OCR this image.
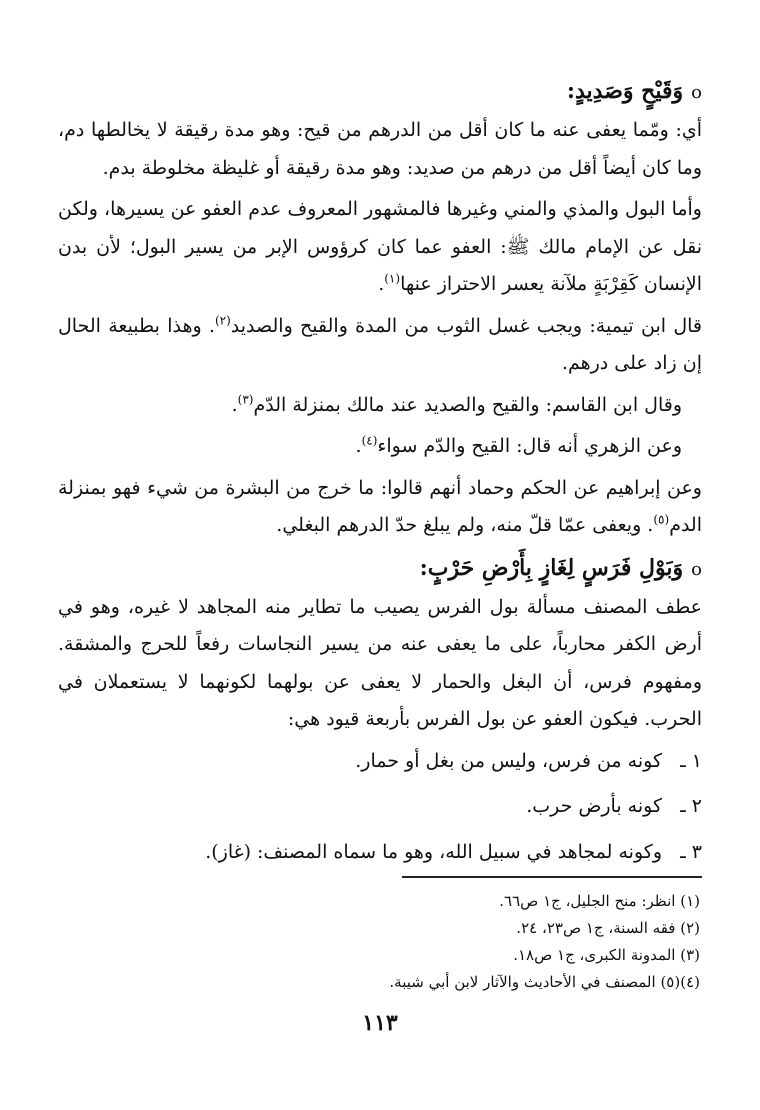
oوَقَيْحٍ وَصَدِيدٍ:

أي: ومّما يعفى عنه ما كان أقل من الدرهم من قيح: وهو مدة رقيقة لا يخالطها دم، وما كان أيضاً أقل من درهم من صديد: وهو مدة رقيقة أو غليظة مخلوطة بدم.

وأما البول والمذي والمني وغيرها فالمشهور المعروف عدم العفو عن يسيرها، ولكن نقل عن الإمام مالك ﷺ: العفو عما كان كرؤوس الإبر من يسير البول؛ لأن بدن الإنسان كَقِرْبَةٍ ملآنة يعسر الاحتراز عنها$^{(١)}$.

قال ابن تيمية: ويجب غسل الثوب من المدة والقيح والصديد$^{(٢)}$. وهذا بطبيعة الحال إن زاد على درهم.

وقال ابن القاسم: والقيح والصديد عند مالك بمنزلة الدّم$^{(٣)}$.

وعن الزهري أنه قال: القيح والدّم سواء$^{(٤)}$.

وعن إبراهيم عن الحكم وحماد أنهم قالوا: ما خرج من البشرة من شيء فهو بمنزلة الدم$^{(٥)}$. ويعفى عمّا قلّ منه، ولم يبلغ حدّ الدرهم البغلي.

oوَبَوْلِ فَرَسٍ لِغَازٍ بِأَرْضِ حَرْبٍ:

عطف المصنف مسألة بول الفرس يصيب ما تطاير منه المجاهد لا غيره، وهو في أرض الكفر محارباً، على ما يعفى عنه من يسير النجاسات رفعاً للحرج والمشقة. ومفهوم فرس، أن البغل والحمار لا يعفى عن بولهما لكونهما لا يستعملان في الحرب. فيكون العفو عن بول الفرس بأربعة قيود هي:

١ ـكونه من فرس، وليس من بغل أو حمار.
٢ ـكونه بأرض حرب.
٣ ـوكونه لمجاهد في سبيل الله، وهو ما سماه المصنف: (غاز).
(١) انظر: منح الجليل، ج١ ص٦٦.
(٢) فقه السنة، ج١ ص٢٣، ٢٤.
(٣) المدونة الكبرى، ج١ ص١٨.
(٤)(٥) المصنف في الأحاديث والآثار لابن أبي شيبة.
١١٣
